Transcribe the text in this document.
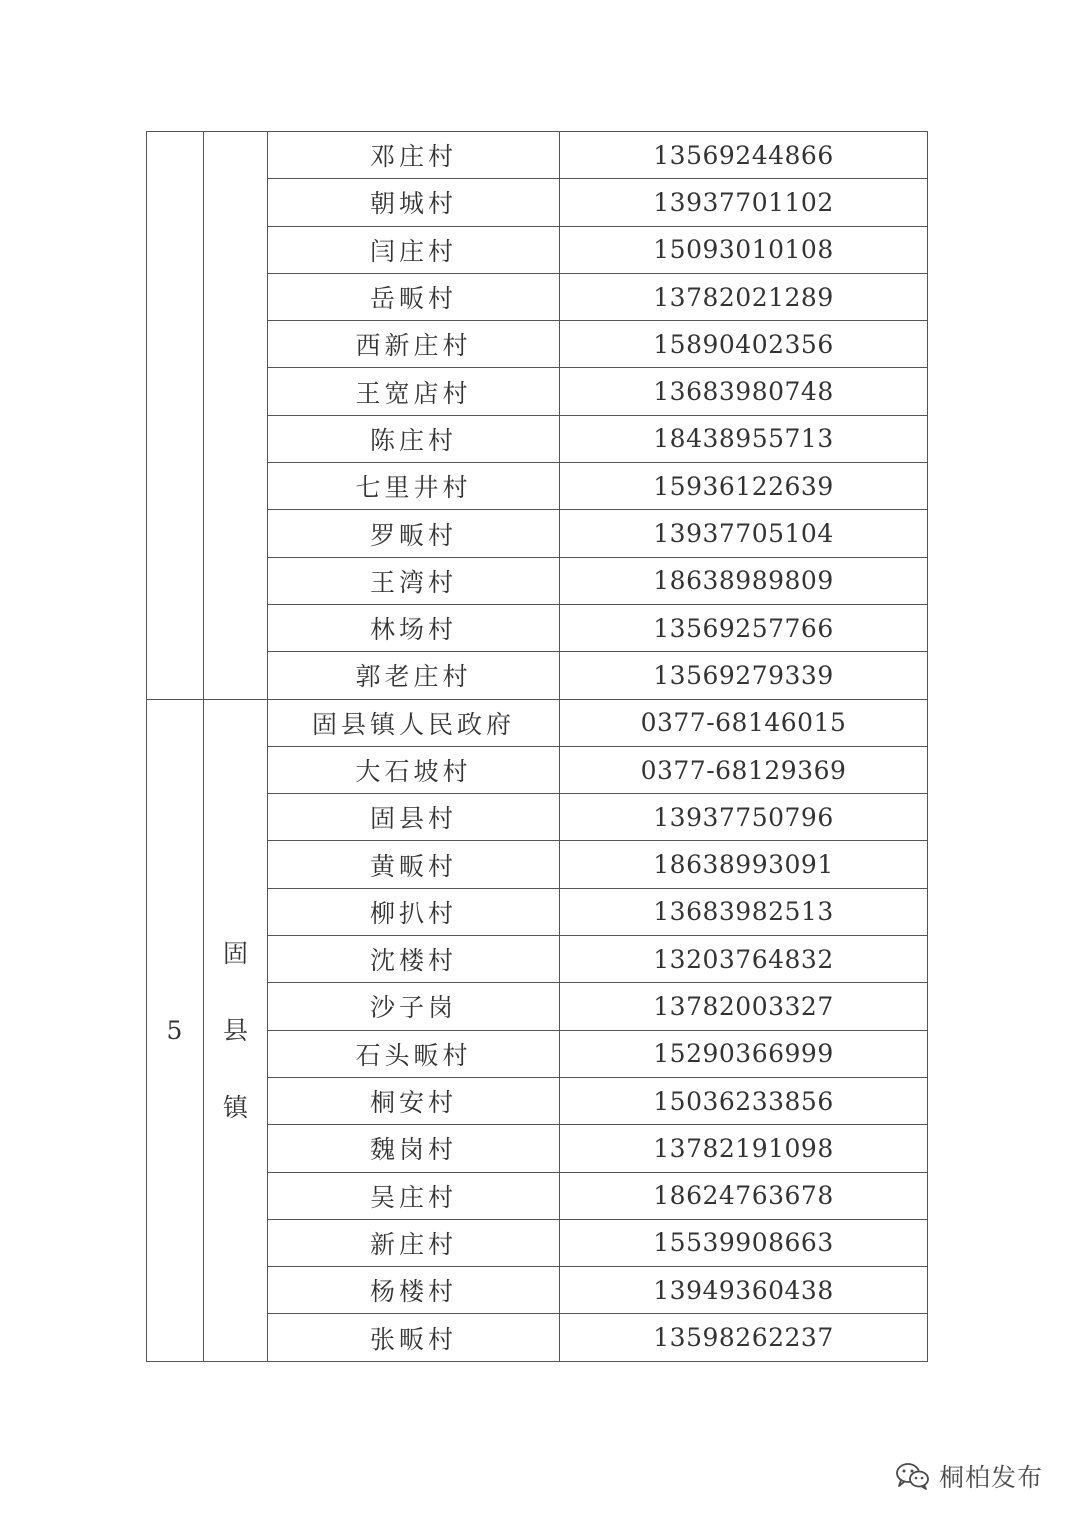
		邓庄村	13569244866
		朝城村	13937701102
		闫庄村	15093010108
		岳畈村	13782021289
		西新庄村	15890402356
		王宽店村	13683980748
		陈庄村	18438955713
		七里井村	15936122639
		罗畈村	13937705104
		王湾村	18638989809
		林场村	13569257766
		郭老庄村	13569279339
5	固县镇	固县镇人民政府	0377-68146015
		大石坡村	0377-68129369
		固县村	13937750796
		黄畈村	18638993091
		柳扒村	13683982513
		沈楼村	13203764832
		沙子岗	13782003327
		石头畈村	15290366999
		桐安村	15036233856
		魏岗村	13782191098
		吴庄村	18624763678
		新庄村	15539908663
		杨楼村	13949360438
		张畈村	13598262237
桐柏发布
